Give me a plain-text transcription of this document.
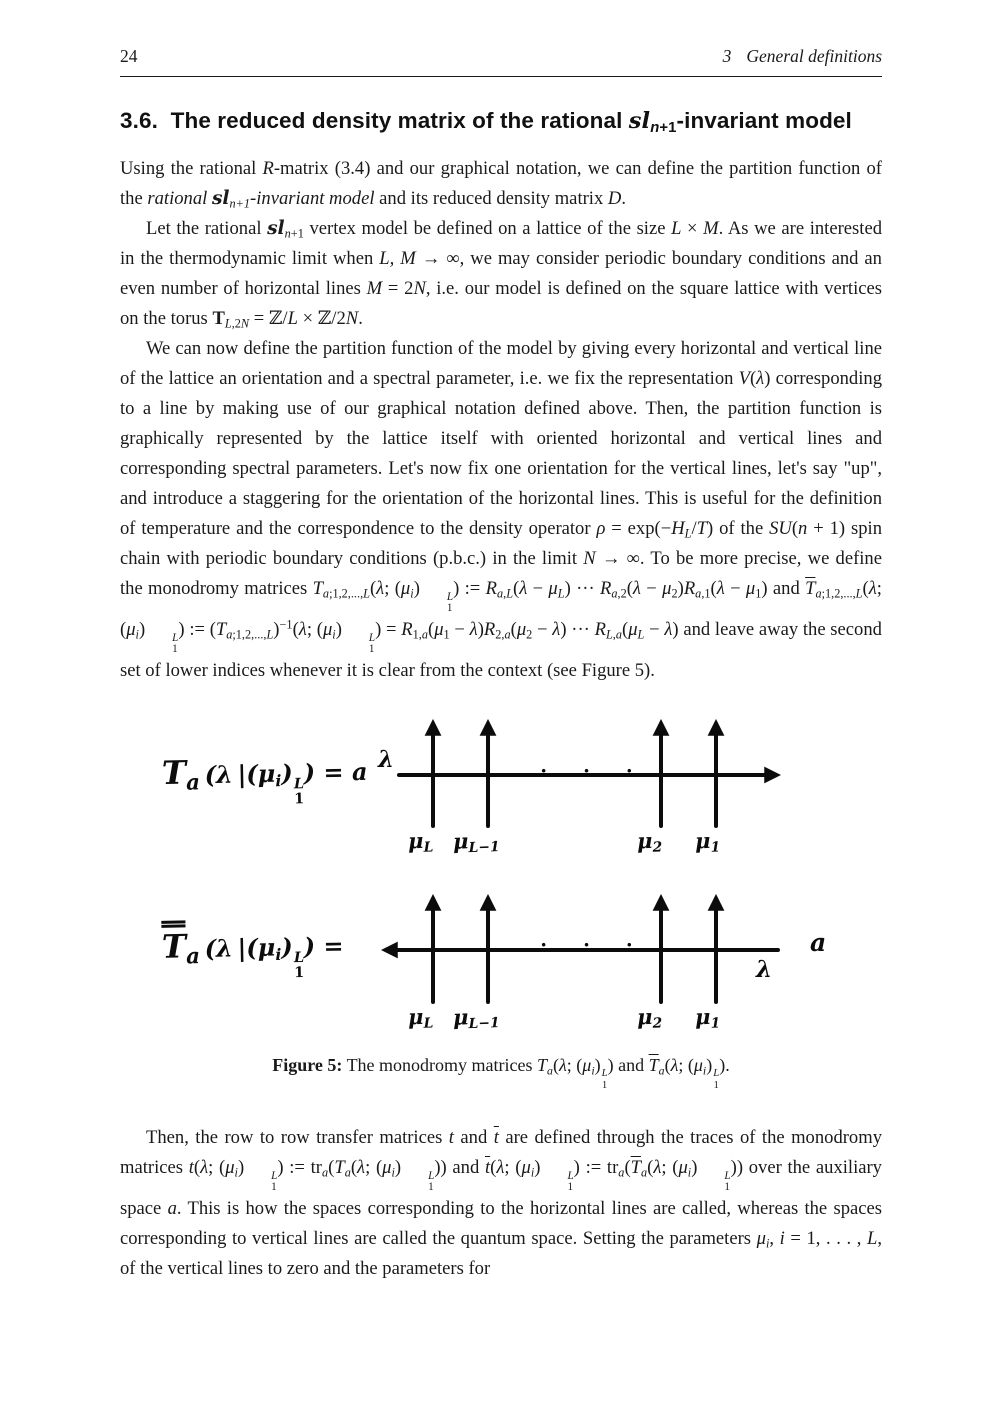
24	3 General definitions
3.6.  The reduced density matrix of the rational $sl_{n+1}$-invariant model

Using the rational R-matrix (3.4) and our graphical notation, we can define the partition function of the rational $sl_{n+1}$-invariant model and its reduced density matrix D.

Let the rational $sl_{n+1}$ vertex model be defined on a lattice of the size L × M. As we are interested in the thermodynamic limit when L, M → ∞, we may consider periodic boundary conditions and an even number of horizontal lines M = 2N, i.e. our model is defined on the square lattice with vertices on the torus $T_{L,2N}$ = ℤ/L × ℤ/2N.

We can now define the partition function of the model by giving every horizontal and vertical line of the lattice an orientation and a spectral parameter, i.e. we fix the representation V(λ) corresponding to a line by making use of our graphical notation defined above. Then, the partition function is graphically represented by the lattice itself with oriented horizontal and vertical lines and corresponding spectral parameters. Let's now fix one orientation for the vertical lines, let's say "up", and introduce a staggering for the orientation of the horizontal lines. This is useful for the definition of temperature and the correspondence to the density operator $\rho = \exp(-H_L/T)$ of the SU(n + 1) spin chain with periodic boundary conditions (p.b.c.) in the limit N → ∞. To be more precise, we define the monodromy matrices $T_{a;1,2,...,L}(\lambda$; $(\mu_i)$	L
1
) := $R_{a,L}(\lambda - \mu_L)$ ··· $R_{a,2}(\lambda - \mu_2)R_{a,1}(\lambda - \mu_1)$ and $\overline{T}_{a;1,2,...,L}(\lambda$; $(\mu_i)$	L
1
) := $(T_{a;1,2,...,L})^{-1}(\lambda$; $(\mu_i)$	L
1
) = $R_{1,a}(\mu_1 - \lambda)R_{2,a}(\mu_2 - \lambda)$ ··· $R_{L,a}(\mu_L - \lambda)$ and leave away the second set of lower indices whenever it is clear from the context (see Figure 5).

$T_a$ (λ $|(\mu_i)$ L
1
) = a λ	· · ·
$\mu_L$ $\mu_{L-1}$	$\mu_2$ $\mu_1$
$T_a$ (λ $|(\mu_i)$ L
1
) =
λ
a
· · ·
$\mu_L$ $\mu_{L-1}$	$\mu_2$ $\mu_1$
Figure 5: The monodromy matrices $T_a(\lambda$; $(\mu_i)$ L
1
) and $\overline{T}_a(\lambda$; $(\mu_i)$ L
1
).

Then, the row to row transfer matrices t and $\overline{t}$ are defined through the traces of the monodromy matrices t(λ; $(\mu_i)$	L
1
) := $tr_a(T_a(\lambda$; $(\mu_i)$	L
1
)) and $\overline{t}(\lambda$; $(\mu_i)$	L
1
) := $tr_a(\overline{T}_a(\lambda$; $(\mu_i)$	L
1
)) over the auxiliary space a. This is how the spaces corresponding to the horizontal lines are called, whereas the spaces corresponding to vertical lines are called the quantum space. Setting the parameters $\mu_i$, i = 1, . . . , L, of the vertical lines to zero and the parameters for
